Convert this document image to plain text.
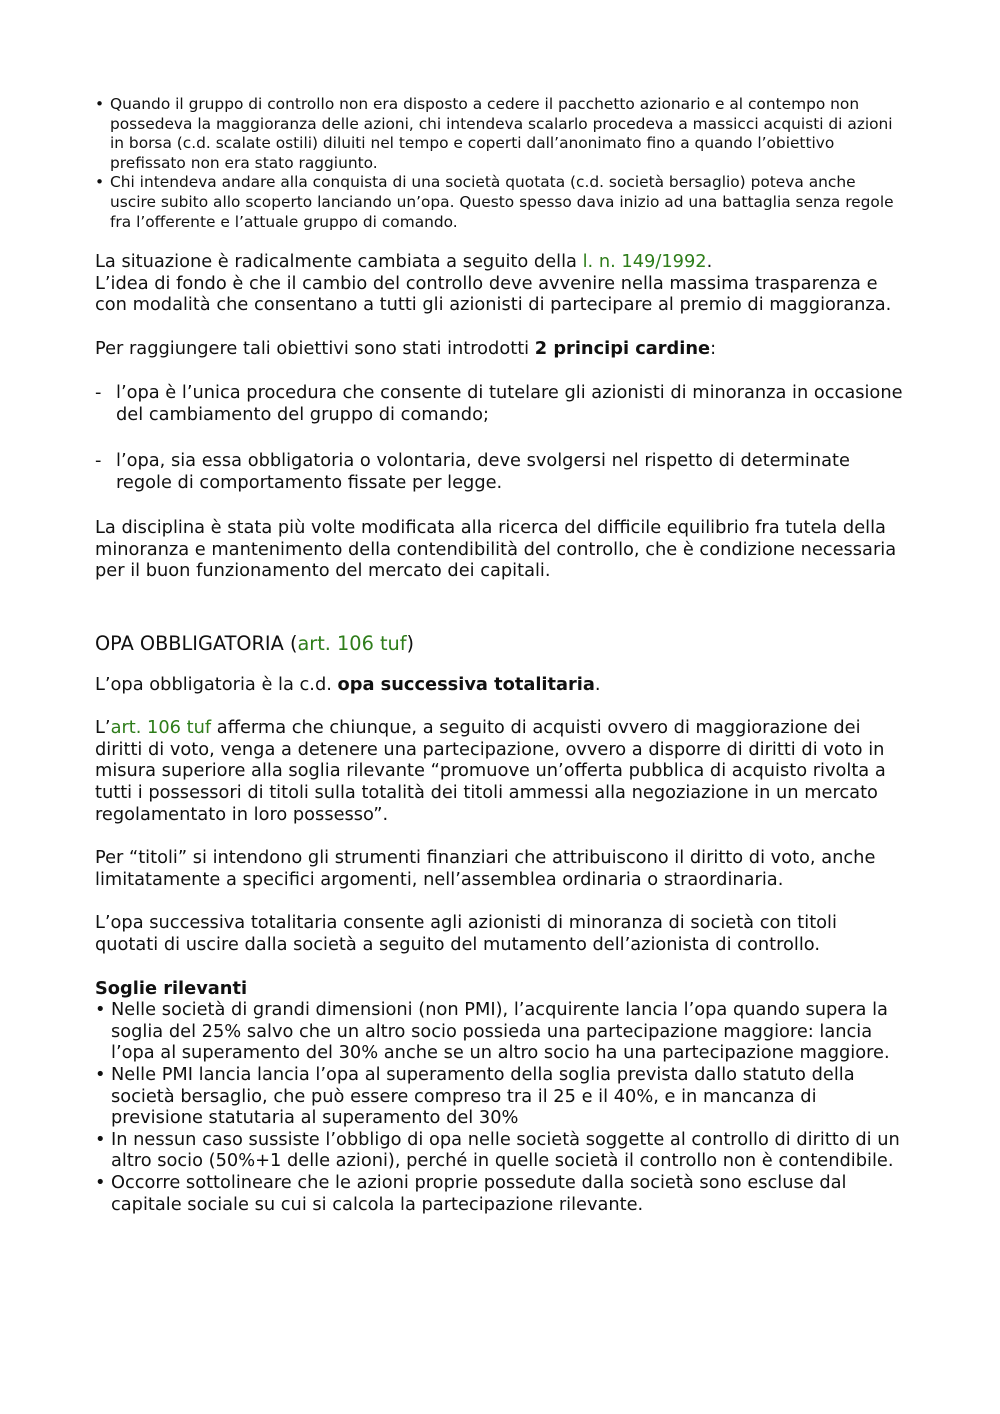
• Quando il gruppo di controllo non era disposto a cedere il pacchetto azionario e al contempo non possedeva la maggioranza delle azioni, chi intendeva scalarlo procedeva a massicci acquisti di azioni in borsa (c.d. scalate ostili) diluiti nel tempo e coperti dall’anonimato fino a quando l’obiettivo prefissato non era stato raggiunto.
• Chi intendeva andare alla conquista di una società quotata (c.d. società bersaglio) poteva anche uscire subito allo scoperto lanciando un’opa. Questo spesso dava inizio ad una battaglia senza regole fra l’offerente e l’attuale gruppo di comando.

La situazione è radicalmente cambiata a seguito della l. n. 149/1992.
L’idea di fondo è che il cambio del controllo deve avvenire nella massima trasparenza e con modalità che consentano a tutti gli azionisti di partecipare al premio di maggioranza.

Per raggiungere tali obiettivi sono stati introdotti 2 principi cardine:

- l’opa è l’unica procedura che consente di tutelare gli azionisti di minoranza in occasione del cambiamento del gruppo di comando;
- l’opa, sia essa obbligatoria o volontaria, deve svolgersi nel rispetto di determinate regole di comportamento fissate per legge.

La disciplina è stata più volte modificata alla ricerca del difficile equilibrio fra tutela della minoranza e mantenimento della contendibilità del controllo, che è condizione necessaria per il buon funzionamento del mercato dei capitali.

OPA OBBLIGATORIA (art. 106 tuf)

L’opa obbligatoria è la c.d. opa successiva totalitaria.

L’art. 106 tuf afferma che chiunque, a seguito di acquisti ovvero di maggiorazione dei diritti di voto, venga a detenere una partecipazione, ovvero a disporre di diritti di voto in misura superiore alla soglia rilevante “promuove un’offerta pubblica di acquisto rivolta a tutti i possessori di titoli sulla totalità dei titoli ammessi alla negoziazione in un mercato regolamentato in loro possesso”.

Per “titoli” si intendono gli strumenti finanziari che attribuiscono il diritto di voto, anche limitatamente a specifici argomenti, nell’assemblea ordinaria o straordinaria.

L’opa successiva totalitaria consente agli azionisti di minoranza di società con titoli quotati di uscire dalla società a seguito del mutamento dell’azionista di controllo.

Soglie rilevanti
• Nelle società di grandi dimensioni (non PMI), l’acquirente lancia l’opa quando supera la soglia del 25% salvo che un altro socio possieda una partecipazione maggiore: lancia l’opa al superamento del 30% anche se un altro socio ha una partecipazione maggiore.
• Nelle PMI lancia lancia l’opa al superamento della soglia prevista dallo statuto della società bersaglio, che può essere compreso tra il 25 e il 40%, e in mancanza di previsione statutaria al superamento del 30%
• In nessun caso sussiste l’obbligo di opa nelle società soggette al controllo di diritto di un altro socio (50%+1 delle azioni), perché in quelle società il controllo non è contendibile.
• Occorre sottolineare che le azioni proprie possedute dalla società sono escluse dal capitale sociale su cui si calcola la partecipazione rilevante.
